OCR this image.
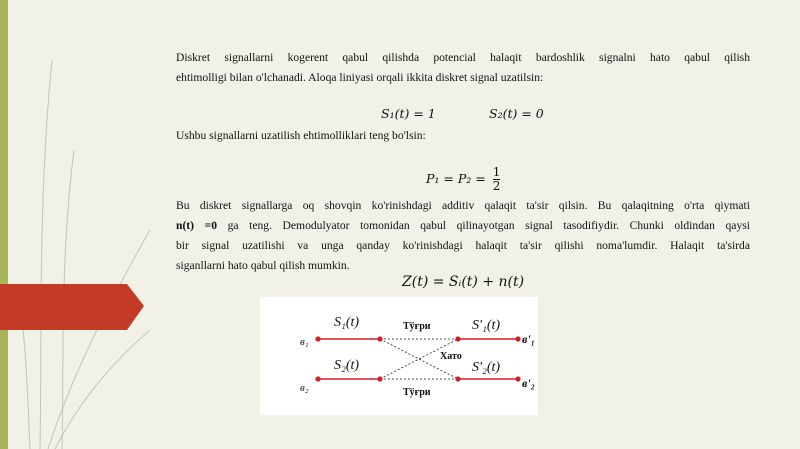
Diskret signallarni kogerent qabul qilishda potencial halaqit bardoshlik signalni hato qabul qilish
ehtimolligi bilan o'lchanadi. Aloqa liniyasi orqali ikkita diskret signal uzatilsin:
S₁(t) = 1	S₂(t) = 0
Ushbu signallarni uzatilish ehtimolliklari teng bo'lsin:
$P_1 = P_2 = \frac{1}{2}$
Bu diskret signallarga oq shovqin ko'rinishdagi additiv qalaqit ta'sir qilsin. Bu qalaqitning o'rta qiymati
n(t) =0 ga teng. Demodulyator tomonidan qabul qilinayotgan signal tasodifiydir. Chunki oldindan qaysi
bir signal uzatilishi va unga qanday ko'rinishdagi halaqit ta'sir qilishi noma'lumdir. Halaqit ta'sirda
siganllarni hato qabul qilish mumkin.
Z(t) = Sᵢ(t) + n(t)
S₁(t)
S₂(t)
S'₁(t)
S'₂(t)
в₁
в₂
в'₁
в'₂
Тўғри
Хато
Тўғри
